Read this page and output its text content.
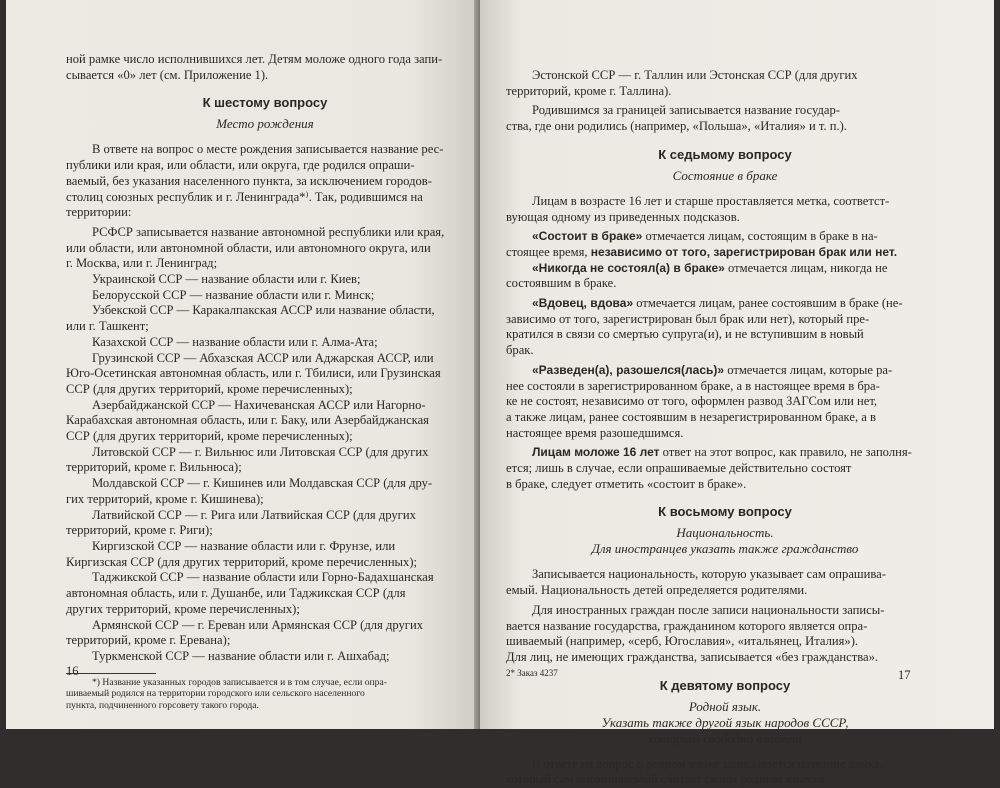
ной рамке число исполнившихся лет. Детям моложе одного года запи-
сывается «0» лет (см. Приложение 1).
К шестому вопросу
Место рождения
В ответе на вопрос о месте рождения записывается название рес-
публики или края, или области, или округа, где родился опраши-
ваемый, без указания населенного пункта, за исключением городов-
столиц союзных республик и г. Ленинграда*⁾. Так, родившимся на
территории:
РСФСР записывается название автономной республики или края,
или области, или автономной области, или автономного округа, или
г. Москва, или г. Ленинград;
Украинской ССР — название области или г. Киев;
Белорусской ССР — название области или г. Минск;
Узбекской ССР — Каракалпакская АССР или название области,
или г. Ташкент;
Казахской ССР — название области или г. Алма-Ата;
Грузинской ССР — Абхазская АССР или Аджарская АССР, или
Юго-Осетинская автономная область, или г. Тбилиси, или Грузинская
ССР (для других территорий, кроме перечисленных);
Азербайджанской ССР — Нахичеванская АССР или Нагорно-
Карабахская автономная область, или г. Баку, или Азербайджанская
ССР (для других территорий, кроме перечисленных);
Литовской ССР — г. Вильнюс или Литовская ССР (для других
территорий, кроме г. Вильнюса);
Молдавской ССР — г. Кишинев или Молдавская ССР (для дру-
гих территорий, кроме г. Кишинева);
Латвийской ССР — г. Рига или Латвийская ССР (для других
территорий, кроме г. Риги);
Киргизской ССР — название области или г. Фрунзе, или
Киргизская ССР (для других территорий, кроме перечисленных);
Таджикской ССР — название области или Горно-Бадахшанская
автономная область, или г. Душанбе, или Таджикская ССР (для
других территорий, кроме перечисленных);
Армянской ССР — г. Ереван или Армянская ССР (для других
территорий, кроме г. Еревана);
Туркменской ССР — название области или г. Ашхабад;
*) Название указанных городов записывается и в том случае, если опра-
шиваемый родился на территории городского или сельского населенного
пункта, подчиненного горсовету такого города.
16
Эстонской ССР — г. Таллин или Эстонская ССР (для других
территорий, кроме г. Таллина).
Родившимся за границей записывается название государ-
ства, где они родились (например, «Польша», «Италия» и т. п.).
К седьмому вопросу
Состояние в браке
Лицам в возрасте 16 лет и старше проставляется метка, соответст-
вующая одному из приведенных подсказов.
«Состоит в браке» отмечается лицам, состоящим в браке в на-
стоящее время, независимо от того, зарегистрирован брак или нет.
«Никогда не состоял(а) в браке» отмечается лицам, никогда не
состоявшим в браке.
«Вдовец, вдова» отмечается лицам, ранее состоявшим в браке (не-
зависимо от того, зарегистрирован был брак или нет), который пре-
кратился в связи со смертью супруга(и), и не вступившим в новый
брак.
«Разведен(а), разошелся(лась)» отмечается лицам, которые ра-
нее состояли в зарегистрированном браке, а в настоящее время в бра-
ке не состоят, независимо от того, оформлен развод ЗАГСом или нет,
а также лицам, ранее состоявшим в незарегистрированном браке, а в
настоящее время разошедшимся.
Лицам моложе 16 лет ответ на этот вопрос, как правило, не заполня-
ется; лишь в случае, если опрашиваемые действительно состоят
в браке, следует отметить «состоит в браке».
К восьмому вопросу
Национальность.
Для иностранцев указать также гражданство
Записывается национальность, которую указывает сам опрашива-
емый. Национальность детей определяется родителями.
Для иностранных граждан после записи национальности записы-
вается название государства, гражданином которого является опра-
шиваемый (например, «серб, Югославия», «итальянец, Италия»).
Для лиц, не имеющих гражданства, записывается «без гражданства».
К девятому вопросу
Родной язык.
Указать также другой язык народов СССР,
которым свободно владеет
В ответе на вопрос о родном языке записывается название языка,
который сам опрашиваемый считает своим родным языком.
2* Заказ 4237	17
